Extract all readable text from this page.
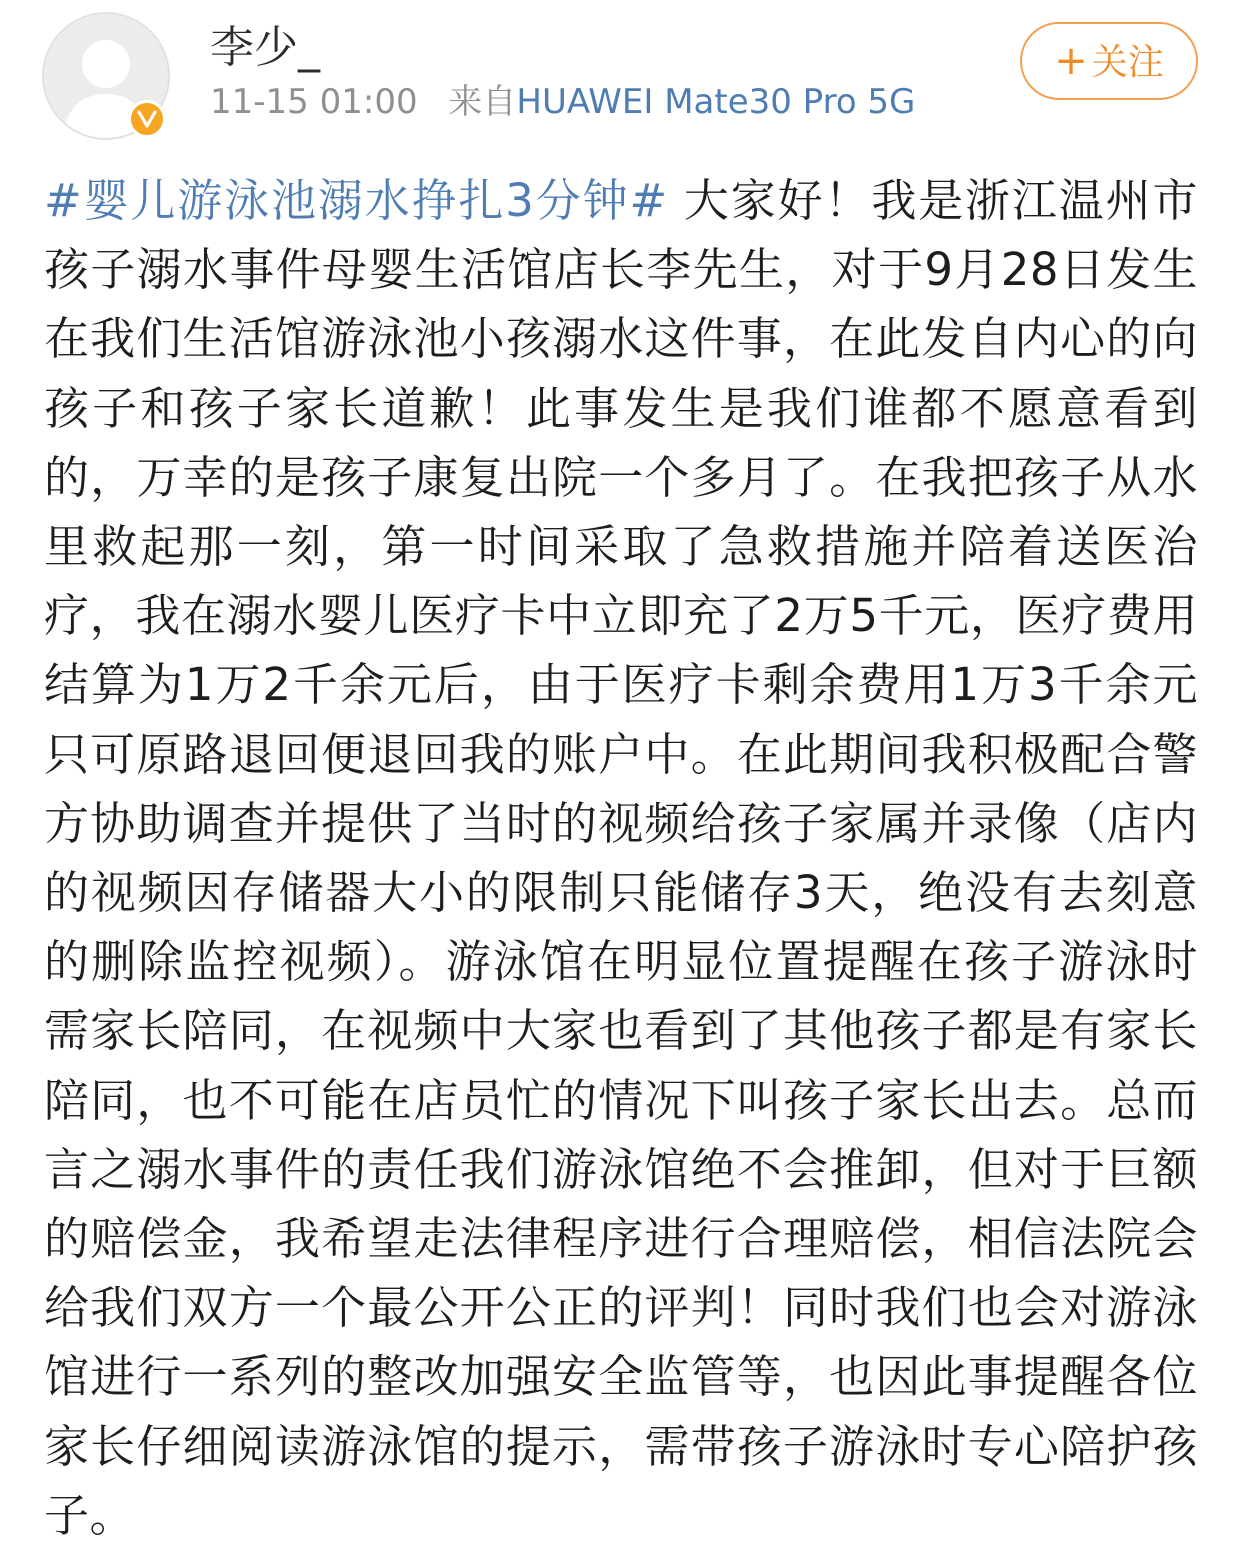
李少_
11-15 01:00 来自HUAWEI Mate30 Pro 5G
+ 关注
#婴儿游泳池溺水挣扎3分钟# 大家好！我是浙江温州市孩子溺水事件母婴生活馆店长李先生，对于9月28日发生在我们生活馆游泳池小孩溺水这件事，在此发自内心的向孩子和孩子家长道歉！此事发生是我们谁都不愿意看到的，万幸的是孩子康复出院一个多月了。在我把孩子从水里救起那一刻，第一时间采取了急救措施并陪着送医治疗，我在溺水婴儿医疗卡中立即充了2万5千元，医疗费用结算为1万2千余元后，由于医疗卡剩余费用1万3千余元只可原路退回便退回我的账户中。在此期间我积极配合警方协助调查并提供了当时的视频给孩子家属并录像（店内的视频因存储器大小的限制只能储存3天，绝没有去刻意的删除监控视频）。游泳馆在明显位置提醒在孩子游泳时需家长陪同，在视频中大家也看到了其他孩子都是有家长陪同，也不可能在店员忙的情况下叫孩子家长出去。总而言之溺水事件的责任我们游泳馆绝不会推卸，但对于巨额的赔偿金，我希望走法律程序进行合理赔偿，相信法院会给我们双方一个最公开公正的评判！同时我们也会对游泳馆进行一系列的整改加强安全监管等，也因此事提醒各位家长仔细阅读游泳馆的提示，需带孩子游泳时专心陪护孩子。
